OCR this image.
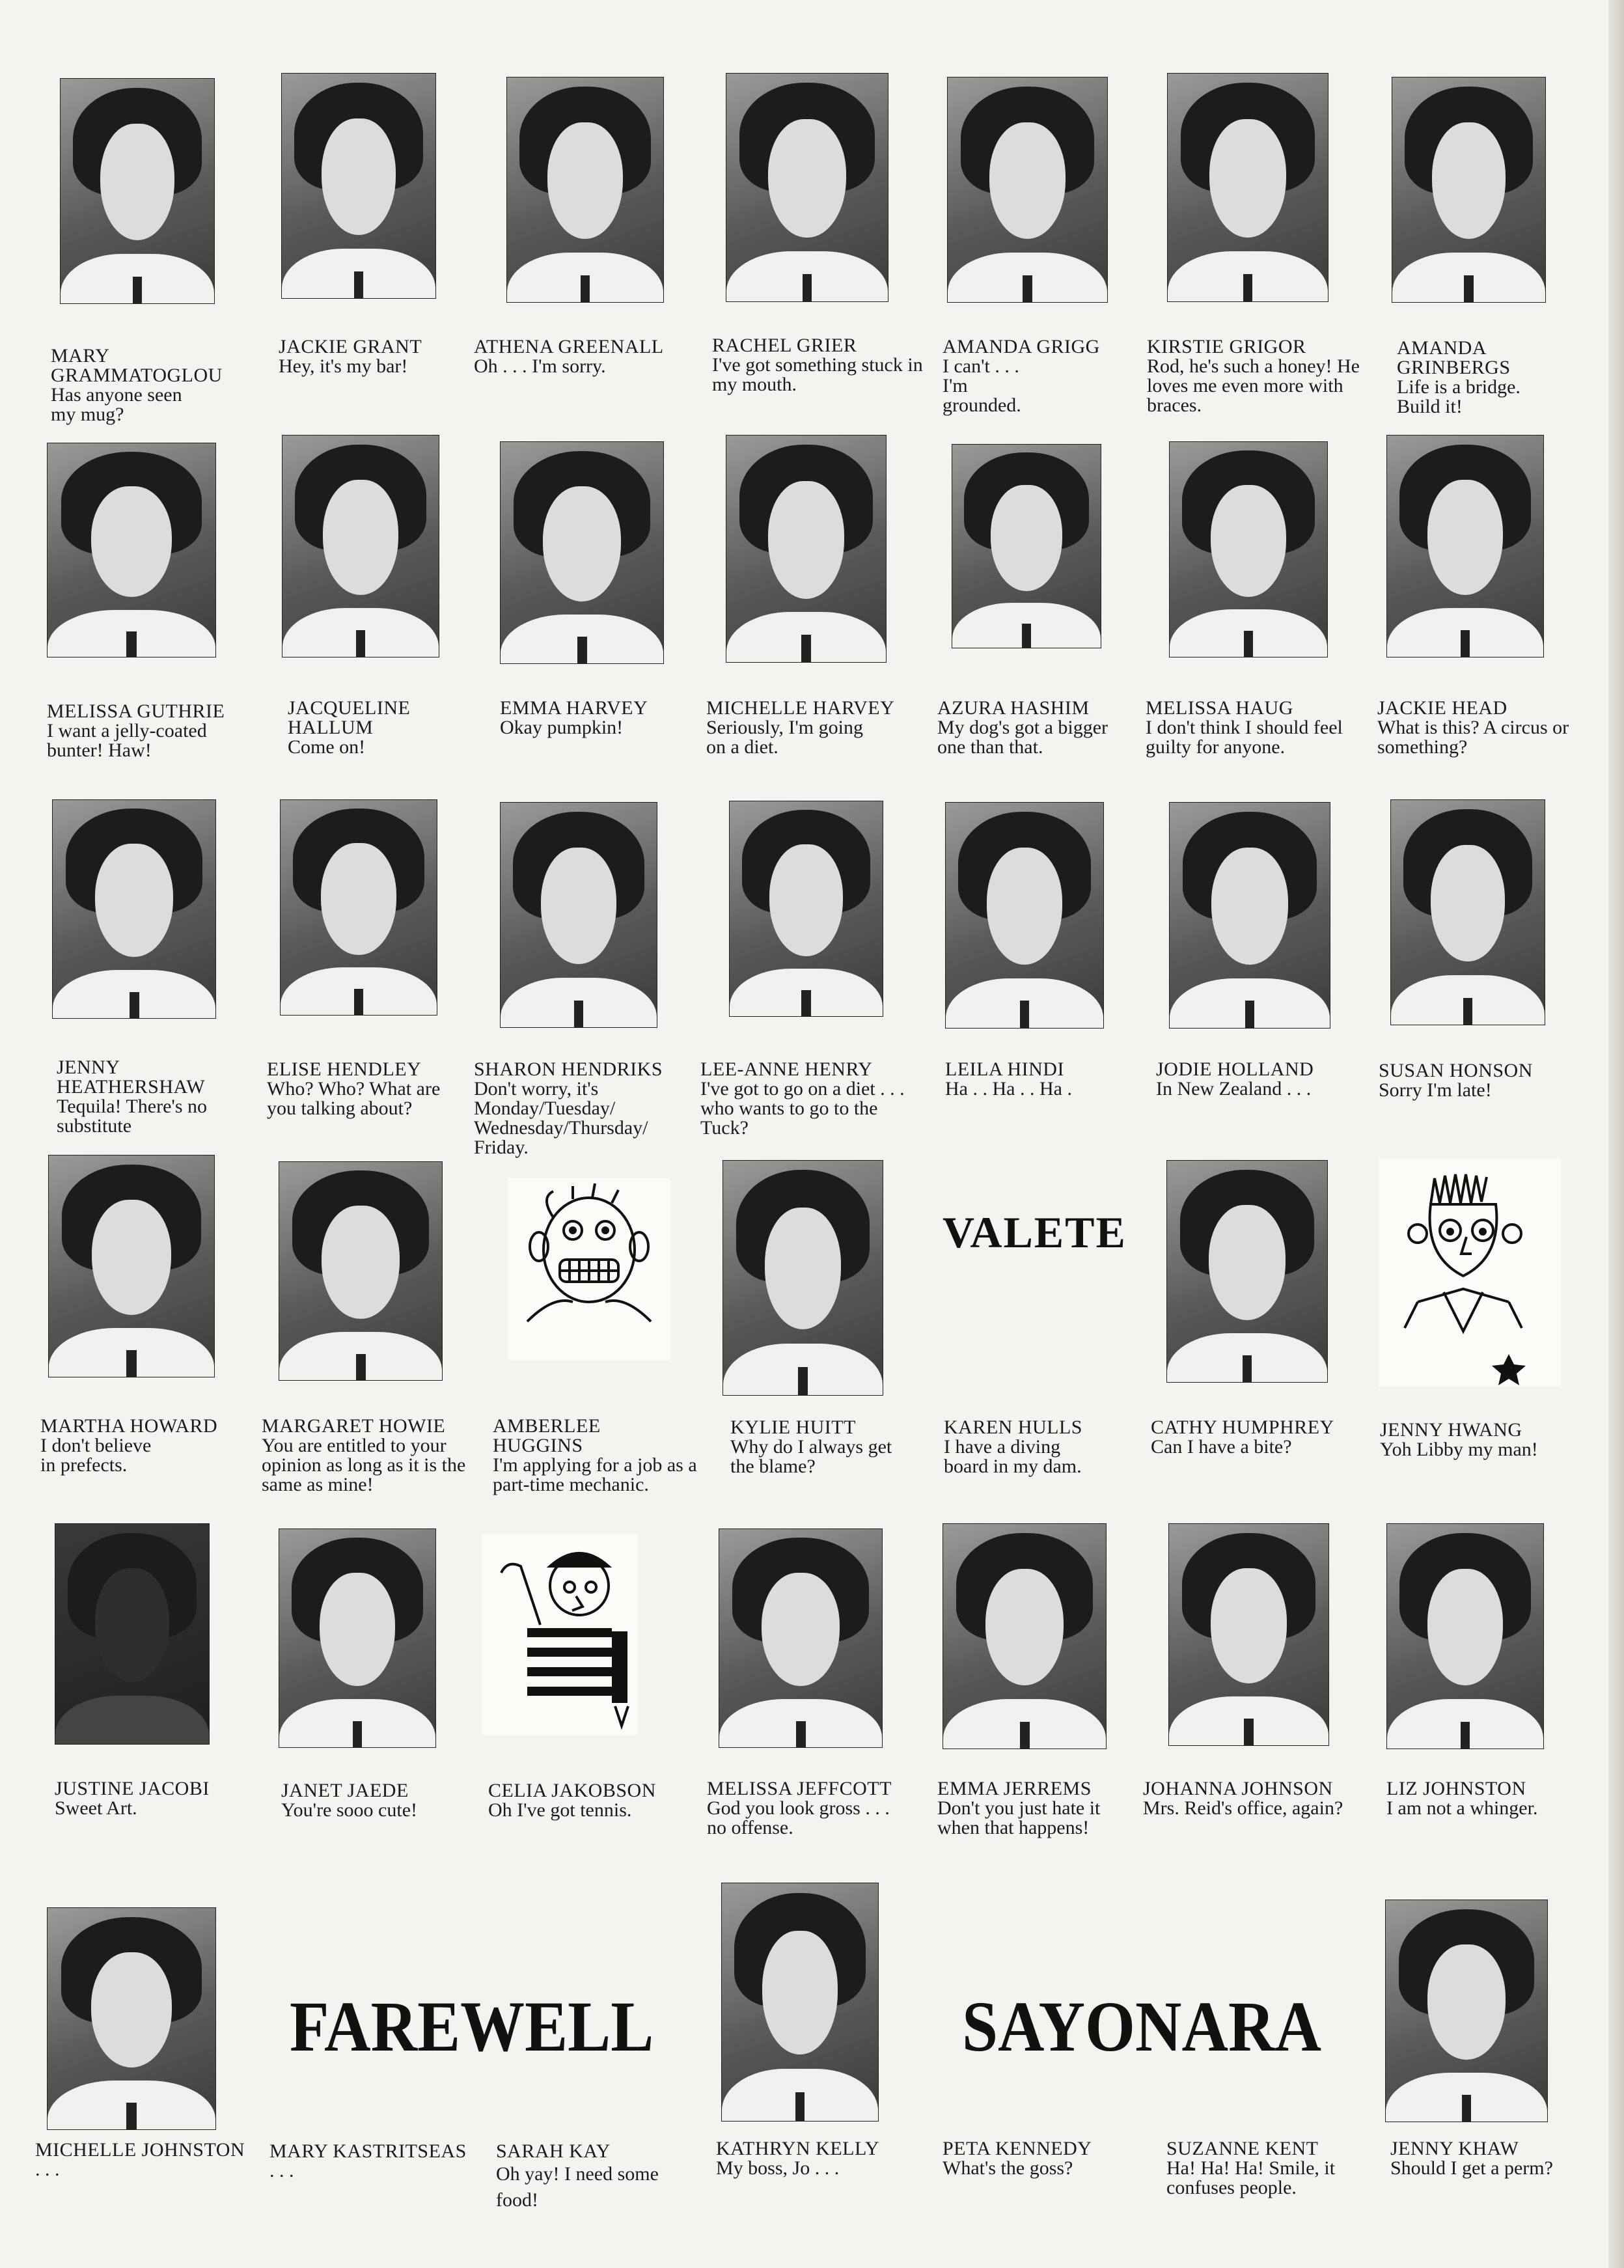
MARY GRAMMATOGLOU
Has anyone seen my mug?
JACKIE GRANT
Hey, it's my bar!
ATHENA GREENALL
Oh . . . I'm sorry.
RACHEL GRIER
I've got something stuck in my mouth.
AMANDA GRIGG
I can't . . . I'm grounded.
KIRSTIE GRIGOR
Rod, he's such a honey! He loves me even more with braces.
AMANDA GRINBERGS
Life is a bridge. Build it!
MELISSA GUTHRIE
I want a jelly-coated bunter! Haw!
JACQUELINE HALLUM
Come on!
EMMA HARVEY
Okay pumpkin!
MICHELLE HARVEY
Seriously, I'm going on a diet.
AZURA HASHIM
My dog's got a bigger one than that.
MELISSA HAUG
I don't think I should feel guilty for anyone.
JACKIE HEAD
What is this? A circus or something?
JENNY HEATHERSHAW
Tequila! There's no substitute
ELISE HENDLEY
Who? Who? What are you talking about?
SHARON HENDRIKS
Don't worry, it's Monday/Tuesday/ Wednesday/Thursday/ Friday.
LEE-ANNE HENRY
I've got to go on a diet . . . who wants to go to the Tuck?
LEILA HINDI
Ha . . Ha . . Ha .
JODIE HOLLAND
In New Zealand . . .
SUSAN HONSON
Sorry I'm late!
MARTHA HOWARD
I don't believe in prefects.
MARGARET HOWIE
You are entitled to your opinion as long as it is the same as mine!
AMBERLEE HUGGINS
I'm applying for a job as a part-time mechanic.
KYLIE HUITT
Why do I always get the blame?
VALETE
KAREN HULLS
I have a diving board in my dam.
CATHY HUMPHREY
Can I have a bite?
JENNY HWANG
Yoh Libby my man!
JUSTINE JACOBI
Sweet Art.
JANET JAEDE
You're sooo cute!
CELIA JAKOBSON
Oh I've got tennis.
MELISSA JEFFCOTT
God you look gross . . . no offense.
EMMA JERREMS
Don't you just hate it when that happens!
JOHANNA JOHNSON
Mrs. Reid's office, again?
LIZ JOHNSTON
I am not a whinger.
MICHELLE JOHNSTON
. . .
FAREWELL
MARY KASTRITSEAS
. . .
SARAH KAY
Oh yay! I need some food!
KATHRYN KELLY
My boss, Jo . . .
SAYONARA
PETA KENNEDY
What's the goss?
SUZANNE KENT
Ha! Ha! Ha! Smile, it confuses people.
JENNY KHAW
Should I get a perm?
